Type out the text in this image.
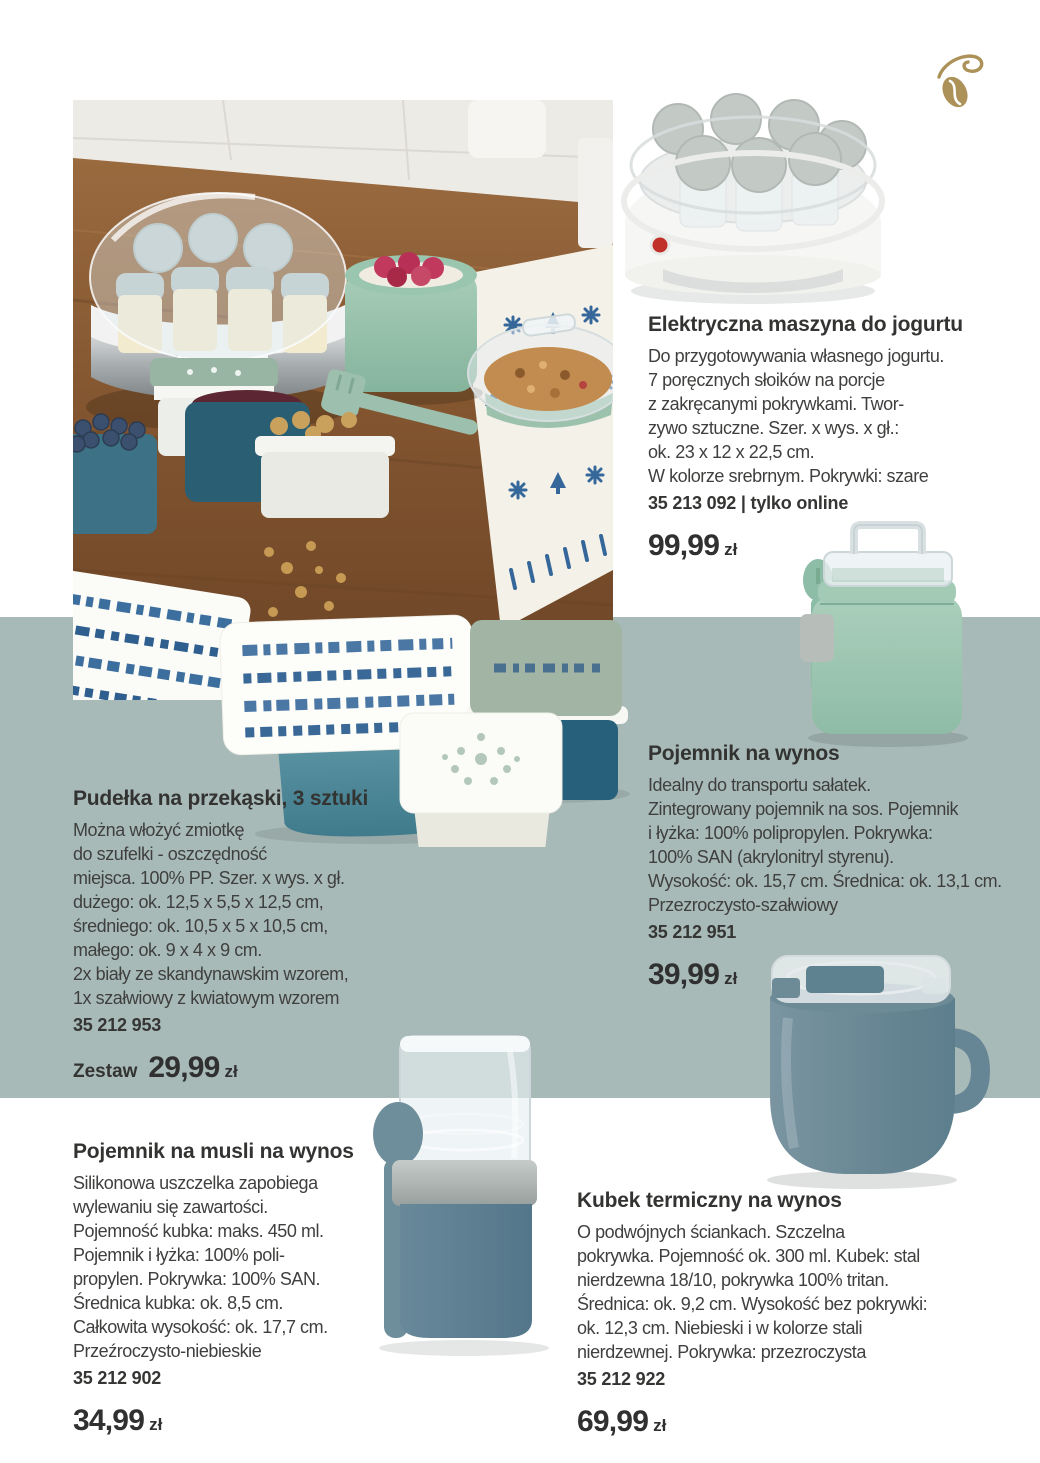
Elektryczna maszyna do jogurtu
Do przygotowywania własnego jogurtu.
7 poręcznych słoików na porcje
z zakręcanymi pokrywkami. Twor-
zywo sztuczne. Szer. x wys. x gł.:
ok. 23 x 12 x 22,5 cm.
W kolorze srebrnym. Pokrywki: szare
35 213 092 | tylko online
99,99 zł
Pudełka na przekąski, 3 sztuki
Można włożyć zmiotkę
do szufelki - oszczędność
miejsca. 100% PP. Szer. x wys. x gł.
dużego: ok. 12,5 x 5,5 x 12,5 cm,
średniego: ok. 10,5 x 5 x 10,5 cm,
małego: ok. 9 x 4 x 9 cm.
2x biały ze skandynawskim wzorem,
1x szałwiowy z kwiatowym wzorem
35 212 953
Zestaw 29,99 zł
Pojemnik na wynos
Idealny do transportu sałatek.
Zintegrowany pojemnik na sos. Pojemnik
i łyżka: 100% polipropylen. Pokrywka:
100% SAN (akrylonitryl styrenu).
Wysokość: ok. 15,7 cm. Średnica: ok. 13,1 cm.
Przezroczysto-szałwiowy
35 212 951
39,99 zł
Pojemnik na musli na wynos
Silikonowa uszczelka zapobiega
wylewaniu się zawartości.
Pojemność kubka: maks. 450 ml.
Pojemnik i łyżka: 100% poli-
propylen. Pokrywka: 100% SAN.
Średnica kubka: ok. 8,5 cm.
Całkowita wysokość: ok. 17,7 cm.
Przeźroczysto-niebieskie
35 212 902
34,99 zł
Kubek termiczny na wynos
O podwójnych ściankach. Szczelna
pokrywka. Pojemność ok. 300 ml. Kubek: stal
nierdzewna 18/10, pokrywka 100% tritan.
Średnica: ok. 9,2 cm. Wysokość bez pokrywki:
ok. 12,3 cm. Niebieski i w kolorze stali
nierdzewnej. Pokrywka: przezroczysta
35 212 922
69,99 zł
